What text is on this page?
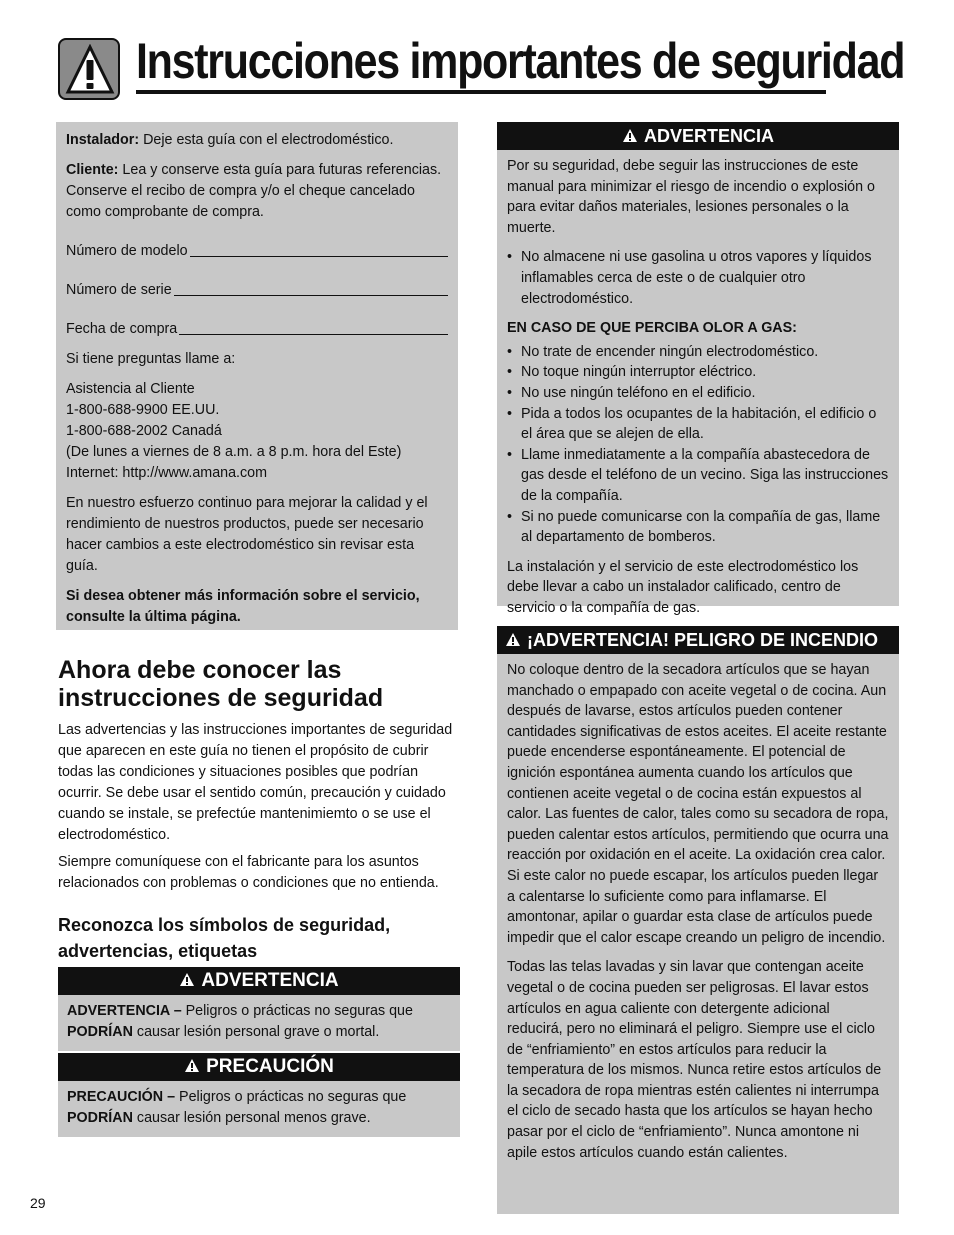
Instrucciones importantes de seguridad

Instalador: Deje esta guía con el electrodoméstico.

Cliente: Lea y conserve esta guía para futuras referencias. Conserve el recibo de compra y/o el cheque cancelado como comprobante de compra.

Número de modelo
Número de serie
Fecha de compra

Si tiene preguntas llame a:

Asistencia al Cliente

1-800-688-9900 EE.UU.

1-800-688-2002 Canadá

(De lunes a viernes de 8 a.m. a 8 p.m. hora del Este)

Internet: http://www.amana.com

En nuestro esfuerzo continuo para mejorar la calidad y el rendimiento de nuestros productos, puede ser necesario hacer cambios a este electrodoméstico sin revisar esta guía.

Si desea obtener más información sobre el servicio, consulte la última página.

Ahora debe conocer las instrucciones de seguridad

Las advertencias y las instrucciones importantes de seguridad que aparecen en este guía no tienen el propósito de cubrir todas las condiciones y situaciones posibles que podrían ocurrir. Se debe usar el sentido común, precaución y cuidado cuando se instale, se prefectúe mantenimiemto o se use el electrodoméstico.

Siempre comuníquese con el fabricante para los asuntos relacionados con problemas o condiciones que no entienda.

Reconozca los símbolos de seguridad, advertencias, etiquetas
ADVERTENCIA
ADVERTENCIA – Peligros o prácticas no seguras que
PODRÍAN causar lesión personal grave o mortal.
PRECAUCIÓN
PRECAUCIÓN – Peligros o prácticas no seguras que
PODRÍAN causar lesión personal menos grave.
ADVERTENCIA

Por su seguridad, debe seguir las instrucciones de este manual para minimizar el riesgo de incendio o explosión o para evitar daños materiales, lesiones personales o la muerte.

• No almacene ni use gasolina u otros vapores y líquidos inflamables cerca de este o de cualquier otro electrodoméstico.

EN CASO DE QUE PERCIBA OLOR A GAS:

• No trate de encender ningún electrodoméstico.
• No toque ningún interruptor eléctrico.
• No use ningún teléfono en el edificio.
• Pida a todos los ocupantes de la habitación, el edificio o el área que se alejen de ella.
• Llame inmediatamente a la compañía abastecedora de gas desde el teléfono de un vecino. Siga las instrucciones de la compañía.
• Si no puede comunicarse con la compañía de gas, llame al departamento de bomberos.

La instalación y el servicio de este electrodoméstico los debe llevar a cabo un instalador calificado, centro de servicio o la compañía de gas.

¡ADVERTENCIA! PELIGRO DE INCENDIO

No coloque dentro de la secadora artículos que se hayan manchado o empapado con aceite vegetal o de cocina. Aun después de lavarse, estos artículos pueden contener cantidades significativas de estos aceites. El aceite restante puede encenderse espontáneamente. El potencial de ignición espontánea aumenta cuando los artículos que contienen aceite vegetal o de cocina están expuestos al calor. Las fuentes de calor, tales como su secadora de ropa, pueden calentar estos artículos, permitiendo que ocurra una reacción por oxidación en el aceite. La oxidación crea calor. Si este calor no puede escapar, los artículos pueden llegar a calentarse lo suficiente como para inflamarse. El amontonar, apilar o guardar esta clase de artículos puede impedir que el calor escape creando un peligro de incendio.

Todas las telas lavadas y sin lavar que contengan aceite vegetal o de cocina pueden ser peligrosas. El lavar estos artículos en agua caliente con detergente adicional reducirá, pero no eliminará el peligro. Siempre use el ciclo de “enfriamiento” en estos artículos para reducir la temperatura de los mismos. Nunca retire estos artículos de la secadora de ropa mientras estén calientes ni interrumpa el ciclo de secado hasta que los artículos se hayan hecho pasar por el ciclo de “enfriamiento”. Nunca amontone ni apile estos artículos cuando están calientes.

29
